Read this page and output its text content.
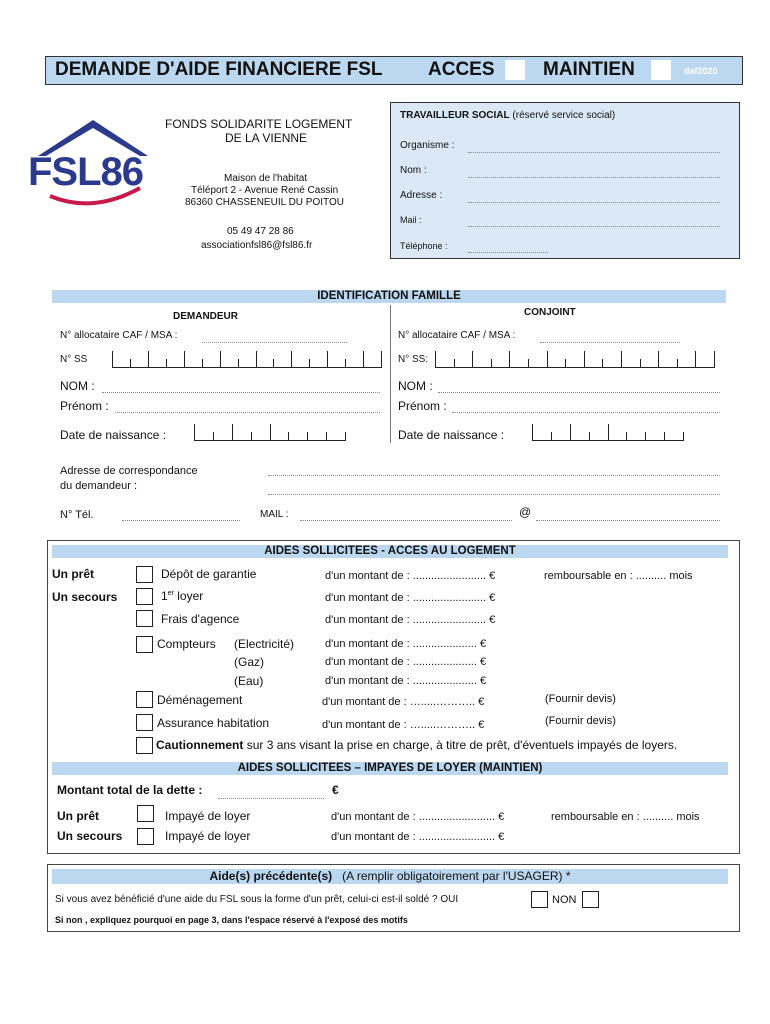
DEMANDE D'AIDE FINANCIERE FSL ACCES	MAINTIEN	daf2020
FSL86
FONDS SOLIDARITE LOGEMENT
DE LA VIENNE
Maison de l'habitat
Téléport 2 - Avenue René Cassin
86360 CHASSENEUIL DU POITOU
05 49 47 28 86
associationfsl86@fsl86.fr
TRAVAILLEUR SOCIAL (réservé service social)
Organisme :
Nom :
Adresse :
Mail :
Téléphone :
IDENTIFICATION FAMILLE
DEMANDEUR	CONJOINT
N° allocataire CAF / MSA :	N° allocataire CAF / MSA :
N° SS	N° SS:
NOM :	NOM :
Prénom :	Prénom :
Date de naissance :	Date de naissance :
Adresse de correspondance
du demandeur :
N° Tél.	MAIL :	@
AIDES SOLLICITEES - ACCES AU LOGEMENT
Un prêt
Un secours
Dépôt de garantie	d'un montant de : ........................ €	remboursable en : .......... mois
1er loyer	d'un montant de : ........................ €
Frais d'agence	d'un montant de : ........................ €
Compteurs (Electricité)	d'un montant de : ..................... €
(Gaz)	d'un montant de : ..................... €
(Eau)	d'un montant de : ..................... €
Déménagement	d'un montant de : ….....……….. €	(Fournir devis)
Assurance habitation	d'un montant de : ….....……….. €	(Fournir devis)
Cautionnement sur 3 ans visant la prise en charge, à titre de prêt, d'éventuels impayés de loyers.
AIDES SOLLICITEES – IMPAYES DE LOYER (MAINTIEN)
Montant total de la dette :	€
Un prêt	Impayé de loyer	d'un montant de : ......................... €	remboursable en : .......... mois
Un secours	Impayé de loyer	d'un montant de : ......................... €
Aide(s) précédente(s) (A remplir obligatoirement par l'USAGER) *
Si vous avez bénéficié d'une aide du FSL sous la forme d'un prêt, celui-ci est-il soldé ? OUI	NON
Si non , expliquez pourquoi en page 3, dans l'espace réservé à l'exposé des motifs
